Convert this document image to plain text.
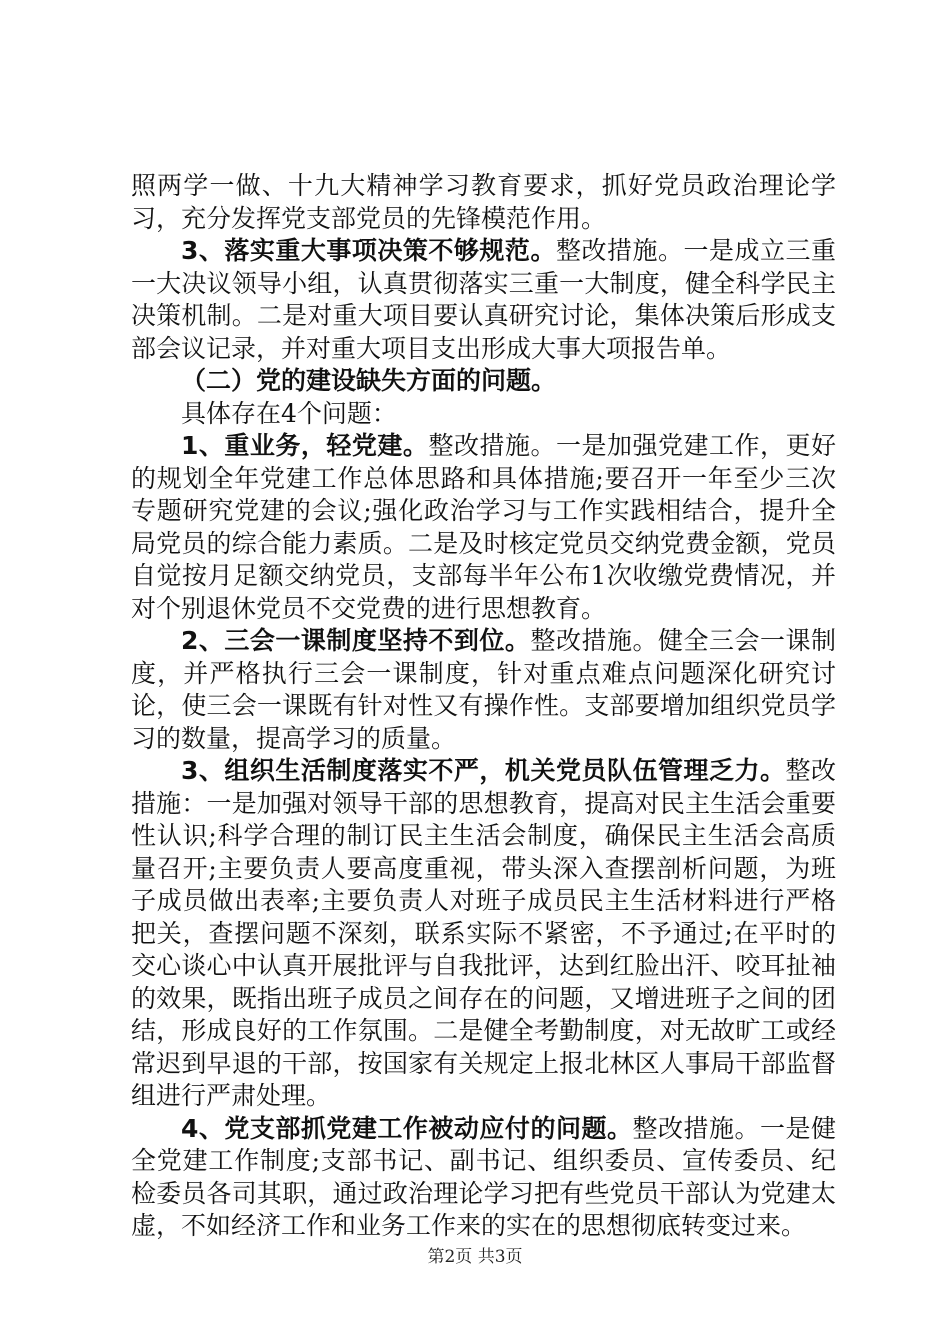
照两学一做、十九大精神学习教育要求，抓好党员政治理论学习，充分发挥党支部党员的先锋模范作用。

3、落实重大事项决策不够规范。整改措施。一是成立三重一大决议领导小组，认真贯彻落实三重一大制度，健全科学民主决策机制。二是对重大项目要认真研究讨论，集体决策后形成支部会议记录，并对重大项目支出形成大事大项报告单。

（二）党的建设缺失方面的问题。

具体存在4个问题：

1、重业务，轻党建。整改措施。一是加强党建工作，更好的规划全年党建工作总体思路和具体措施;要召开一年至少三次专题研究党建的会议;强化政治学习与工作实践相结合，提升全局党员的综合能力素质。二是及时核定党员交纳党费金额，党员自觉按月足额交纳党员，支部每半年公布1次收缴党费情况，并对个别退休党员不交党费的进行思想教育。

2、三会一课制度坚持不到位。整改措施。健全三会一课制度，并严格执行三会一课制度，针对重点难点问题深化研究讨论，使三会一课既有针对性又有操作性。支部要增加组织党员学习的数量，提高学习的质量。

3、组织生活制度落实不严，机关党员队伍管理乏力。整改措施：一是加强对领导干部的思想教育，提高对民主生活会重要性认识;科学合理的制订民主生活会制度，确保民主生活会高质量召开;主要负责人要高度重视，带头深入查摆剖析问题，为班子成员做出表率;主要负责人对班子成员民主生活材料进行严格把关，查摆问题不深刻，联系实际不紧密，不予通过;在平时的交心谈心中认真开展批评与自我批评，达到红脸出汗、咬耳扯袖的效果，既指出班子成员之间存在的问题，又增进班子之间的团结，形成良好的工作氛围。二是健全考勤制度，对无故旷工或经常迟到早退的干部，按国家有关规定上报北林区人事局干部监督组进行严肃处理。

4、党支部抓党建工作被动应付的问题。整改措施。一是健全党建工作制度;支部书记、副书记、组织委员、宣传委员、纪检委员各司其职，通过政治理论学习把有些党员干部认为党建太虚，不如经济工作和业务工作来的实在的思想彻底转变过来。

第2页 共3页
